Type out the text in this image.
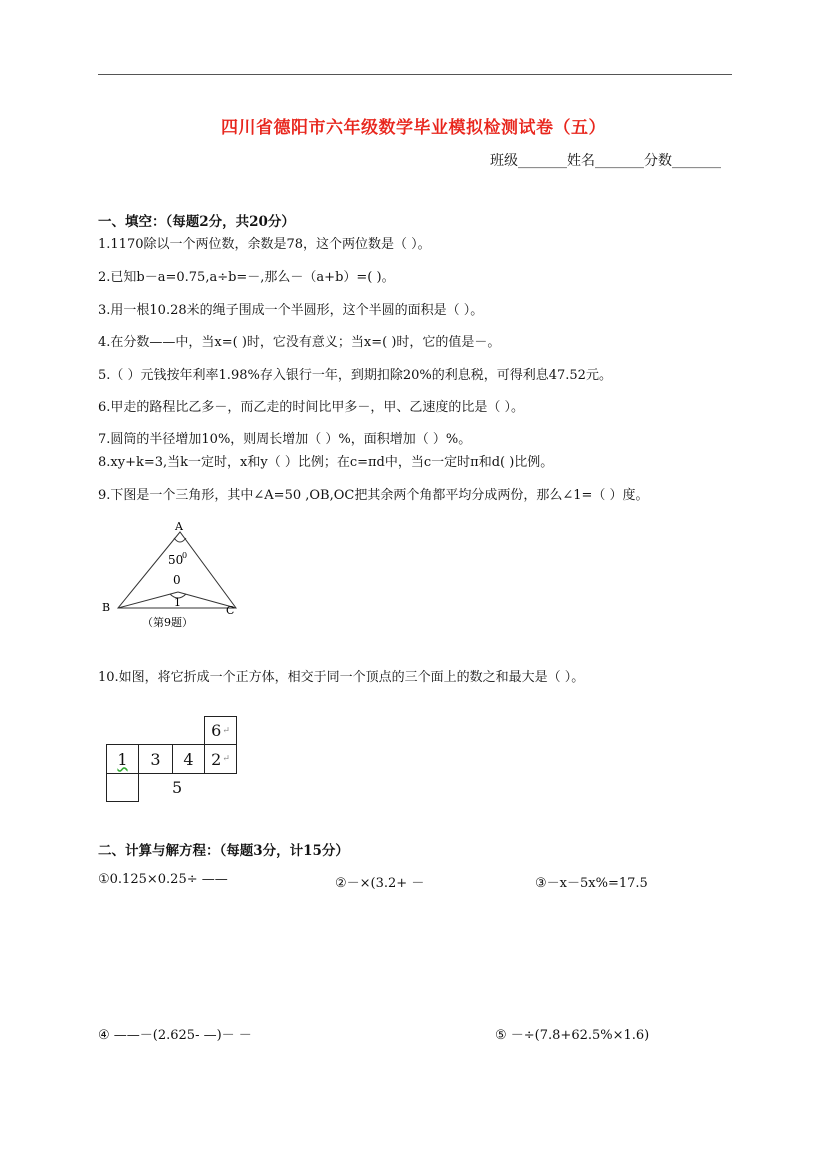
四川省德阳市六年级数学毕业模拟检测试卷（五）
班级_______姓名_______分数_______
一、填空：（每题2分，共20分）
1.1170除以一个两位数，余数是78，这个两位数是（ ）。
2.已知b－a=0.75,a÷b=－,那么－（a+b）=( )。
3.用一根10.28米的绳子围成一个半圆形，这个半圆的面积是（ ）。
4.在分数——中，当x=( )时，它没有意义；当x=( )时，它的值是－。
5.（ ）元钱按年利率1.98%存入银行一年，到期扣除20%的利息税，可得利息47.52元。
6.甲走的路程比乙多－，而乙走的时间比甲多－，甲、乙速度的比是（ ）。
7.圆筒的半径增加10%，则周长增加（ ）%，面积增加（ ）%。
8.xy+k=3,当k一定时，x和y（ ）比例；在c=πd中，当c一定时π和d( )比例。
9.下图是一个三角形，其中∠A=50 ,OB,OC把其余两个角都平均分成两份，那么∠1=（ ）度。
A
B	C
50
0
0
1
（第9题）
10.如图，将它折成一个正方体，相交于同一个顶点的三个面上的数之和最大是（ ）。
6 ↵
1 3 4 2 ↵
5
二、计算与解方程：（每题3分，计15分）
①0.125×0.25÷ ——	②－×(3.2+ －	③－x－5x%=17.5
④ ——－(2.625- —)－ －	⑤ －÷(7.8+62.5%×1.6)
